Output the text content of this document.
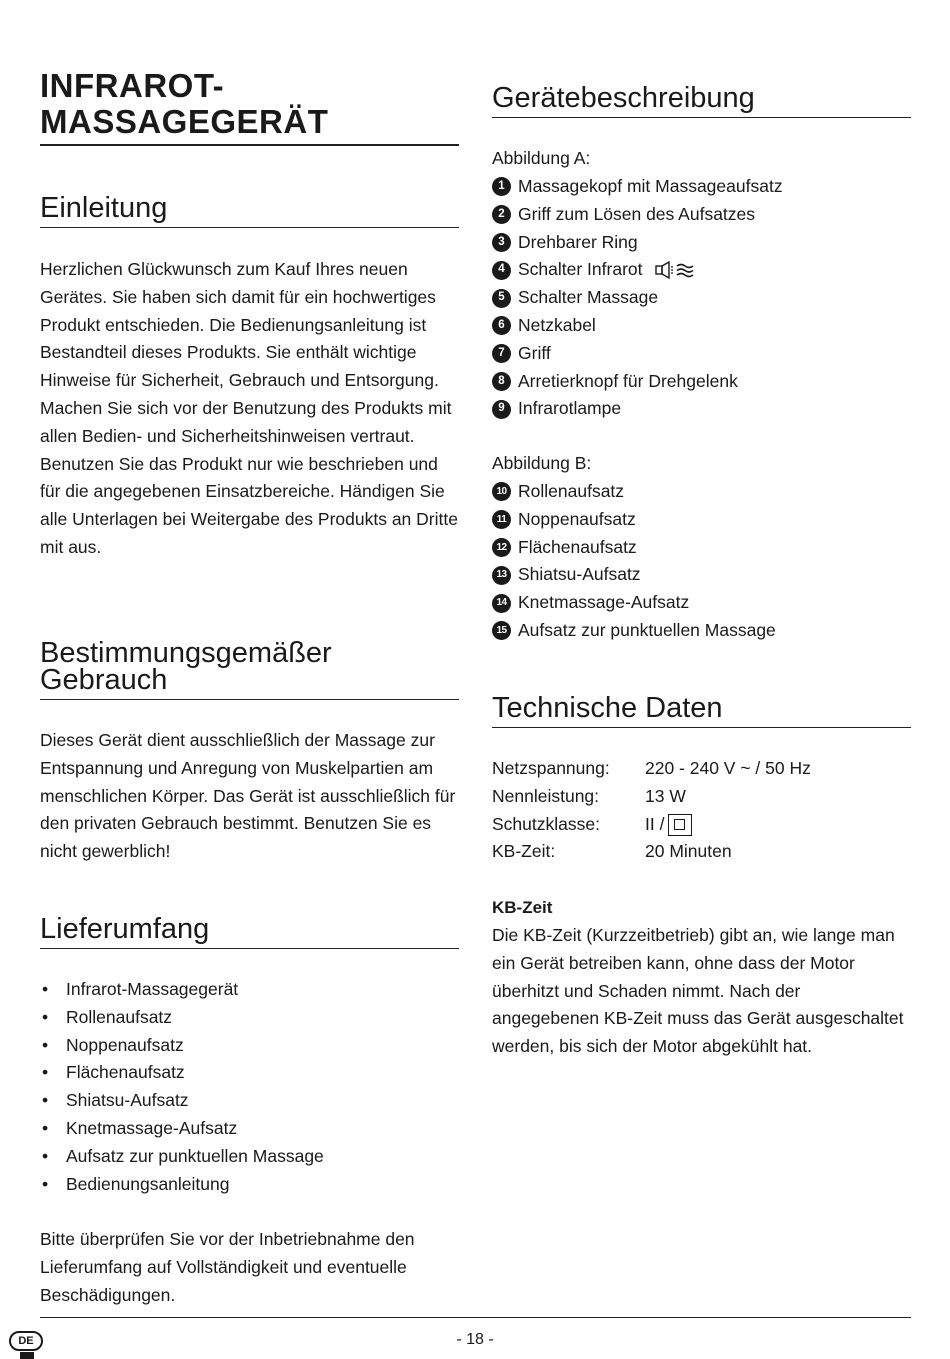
INFRAROT-
MASSAGEGERÄT
Einleitung

Herzlichen Glückwunsch zum Kauf Ihres neuen Gerätes. Sie haben sich damit für ein hochwertiges Produkt entschieden. Die Bedienungsanleitung ist Bestandteil dieses Produkts. Sie enthält wichtige Hinweise für Sicherheit, Gebrauch und Entsorgung. Machen Sie sich vor der Benutzung des Produkts mit allen Bedien- und Sicherheitshinweisen vertraut. Benutzen Sie das Produkt nur wie beschrieben und für die angegebenen Einsatzbereiche. Händigen Sie alle Unterlagen bei Weitergabe des Produkts an Dritte mit aus.

Bestimmungsgemäßer
Gebrauch

Dieses Gerät dient ausschließlich der Massage zur Entspannung und Anregung von Muskelpartien am menschlichen Körper. Das Gerät ist ausschließlich für den privaten Gebrauch bestimmt. Benutzen Sie es nicht gewerblich!

Lieferumfang
• Infrarot-Massagegerät
• Rollenaufsatz
• Noppenaufsatz
• Flächenaufsatz
• Shiatsu-Aufsatz
• Knetmassage-Aufsatz
• Aufsatz zur punktuellen Massage
• Bedienungsanleitung

Bitte überprüfen Sie vor der Inbetriebnahme den Lieferumfang auf Vollständigkeit und eventuelle Beschädigungen.

Gerätebeschreibung

Abbildung A:

1 Massagekopf mit Massageaufsatz
2 Griff zum Lösen des Aufsatzes
3 Drehbarer Ring
4 Schalter Infrarot
5 Schalter Massage
6 Netzkabel
7 Griff
8 Arretierknopf für Drehgelenk
9 Infrarotlampe

Abbildung B:

10 Rollenaufsatz
11 Noppenaufsatz
12 Flächenaufsatz
13 Shiatsu-Aufsatz
14 Knetmassage-Aufsatz
15 Aufsatz zur punktuellen Massage
Technische Daten
Netzspannung:	220 - 240 V ~ / 50 Hz
Nennleistung:	13 W
Schutzklasse:	II /
KB-Zeit:	20 Minuten

KB-Zeit

Die KB-Zeit (Kurzzeitbetrieb) gibt an, wie lange man ein Gerät betreiben kann, ohne dass der Motor überhitzt und Schaden nimmt. Nach der angegebenen KB-Zeit muss das Gerät ausgeschaltet werden, bis sich der Motor abgekühlt hat.

DE	- 18 -
